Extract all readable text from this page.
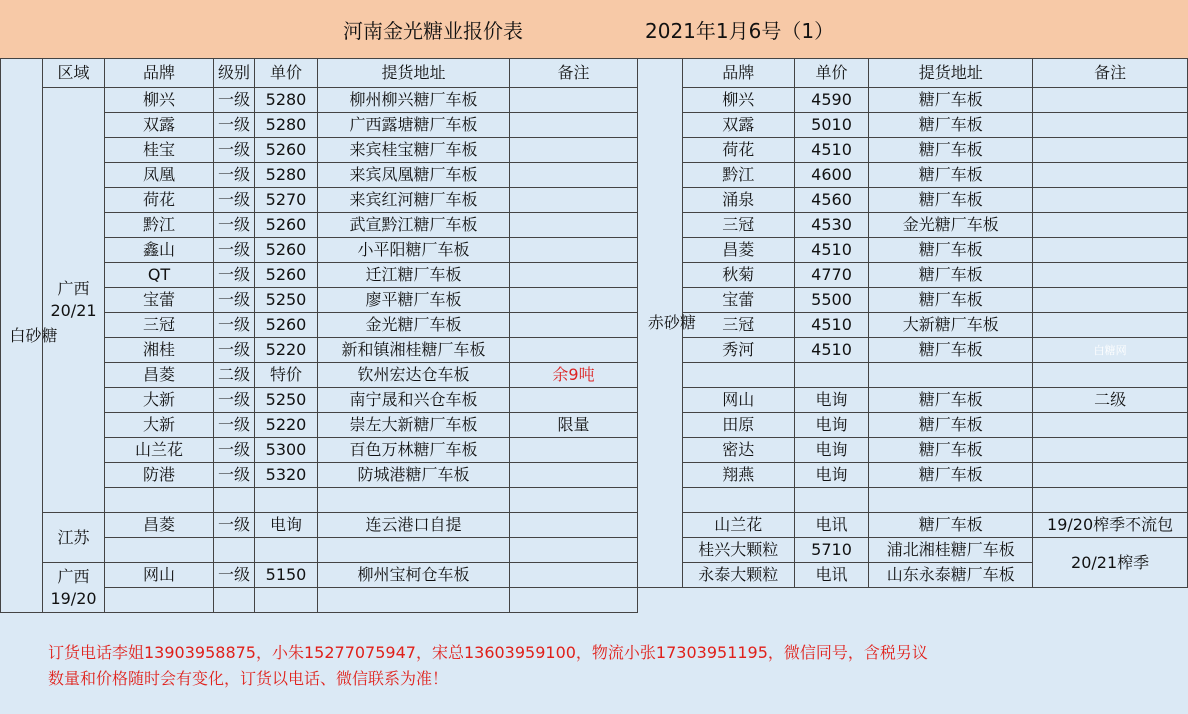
河南金光糖业报价表	2021年1月6号（1）
白砂糖	区域	品牌	级别	单价	提货地址	备注
	广西20/21	柳兴	一级	5280	柳州柳兴糖厂车板	
		双露	一级	5280	广西露塘糖厂车板	
		桂宝	一级	5260	来宾桂宝糖厂车板	
		凤凰	一级	5280	来宾凤凰糖厂车板	
		荷花	一级	5270	来宾红河糖厂车板	
		黔江	一级	5260	武宣黔江糖厂车板	
		鑫山	一级	5260	小平阳糖厂车板	
		QT	一级	5260	迁江糖厂车板	
		宝蕾	一级	5250	廖平糖厂车板	
		三冠	一级	5260	金光糖厂车板	
		湘桂	一级	5220	新和镇湘桂糖厂车板	
		昌菱	二级	特价	钦州宏达仓车板	余9吨
		大新	一级	5250	南宁晟和兴仓车板	
		大新	一级	5220	崇左大新糖厂车板	限量
		山兰花	一级	5300	百色万林糖厂车板	
		防港	一级	5320	防城港糖厂车板	

	江苏	昌菱	一级	电询	连云港口自提	

	广西19/20	网山	一级	5150	柳州宝柯仓车板	

赤砂糖	品牌	单价	提货地址	备注
	柳兴	4590	糖厂车板	
	双露	5010	糖厂车板	
	荷花	4510	糖厂车板	
	黔江	4600	糖厂车板	
	涌泉	4560	糖厂车板	
	三冠	4530	金光糖厂车板	
	昌菱	4510	糖厂车板	
	秋菊	4770	糖厂车板	
	宝蕾	5500	糖厂车板	
	三冠	4510	大新糖厂车板	
	秀河	4510	糖厂车板	白糖网

	网山	电询	糖厂车板	二级
	田原	电询	糖厂车板	
	密达	电询	糖厂车板	
	翔燕	电询	糖厂车板	

	山兰花	电讯	糖厂车板	19/20榨季不流包

	桂兴大颗粒	5710	浦北湘桂糖厂车板	20/21榨季
	永泰大颗粒	电讯	山东永泰糖厂车板	
订货电话李姐13903958875，小朱15277075947，宋总13603959100，物流小张17303951195，微信同号，含税另议
数量和价格随时会有变化，订货以电话、微信联系为准！
